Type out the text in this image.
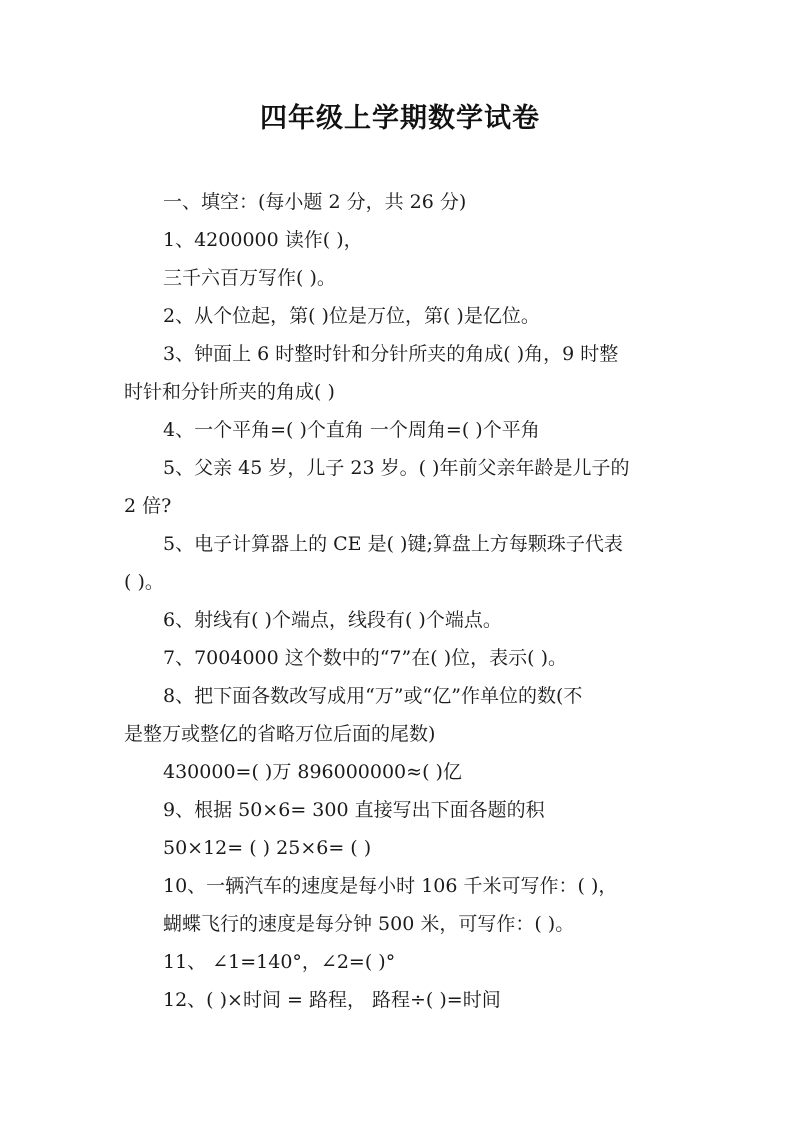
四年级上学期数学试卷
一、填空：(每小题 2 分，共 26 分)
1、4200000 读作( )，
三千六百万写作( )。
2、从个位起，第( )位是万位，第( )是亿位。
3、钟面上 6 时整时针和分针所夹的角成( )角，9 时整
时针和分针所夹的角成( )
4、一个平角=( )个直角 一个周角=( )个平角
5、父亲 45 岁，儿子 23 岁。( )年前父亲年龄是儿子的
2 倍?
5、电子计算器上的 CE 是( )键;算盘上方每颗珠子代表
( )。
6、射线有( )个端点，线段有( )个端点。
7、7004000 这个数中的“7”在( )位，表示( )。
8、把下面各数改写成用“万”或“亿”作单位的数(不
是整万或整亿的省略万位后面的尾数)
430000=( )万 896000000≈( )亿
9、根据 50×6= 300 直接写出下面各题的积
50×12= ( ) 25×6= ( )
10、一辆汽车的速度是每小时 106 千米可写作：( )，
蝴蝶飞行的速度是每分钟 500 米，可写作：( )。
11、 ∠1=140°，∠2=( )°
12、( )×时间 = 路程， 路程÷( )=时间
